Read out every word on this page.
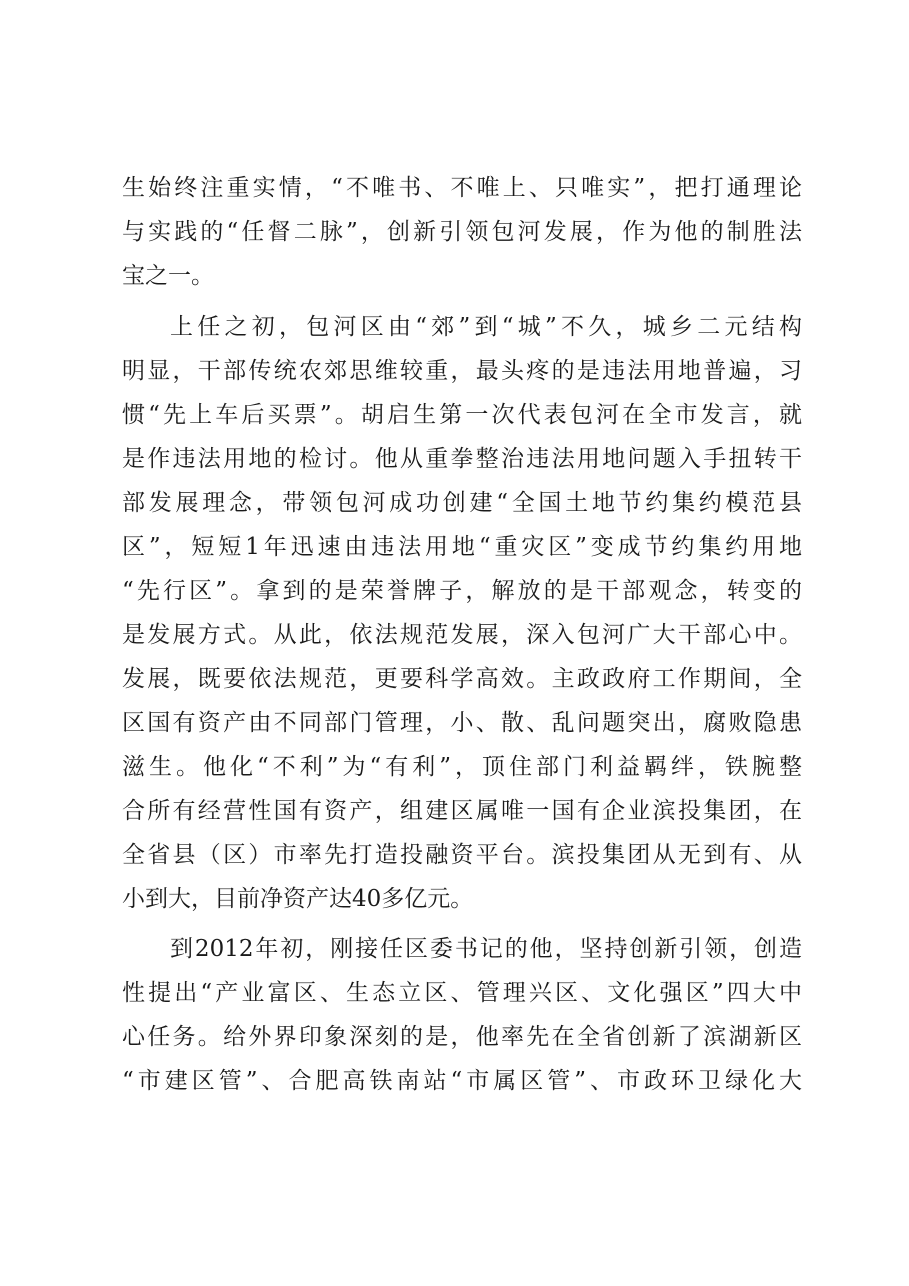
生始终注重实情，“不唯书、不唯上、只唯实”，把打通理论
与实践的“任督二脉”，创新引领包河发展，作为他的制胜法
宝之一。
上任之初，包河区由“郊”到“城”不久，城乡二元结构
明显，干部传统农郊思维较重，最头疼的是违法用地普遍，习
惯“先上车后买票”。胡启生第一次代表包河在全市发言，就
是作违法用地的检讨。他从重拳整治违法用地问题入手扭转干
部发展理念，带领包河成功创建“全国土地节约集约模范县
区”，短短1年迅速由违法用地“重灾区”变成节约集约用地
“先行区”。拿到的是荣誉牌子，解放的是干部观念，转变的
是发展方式。从此，依法规范发展，深入包河广大干部心中。
发展，既要依法规范，更要科学高效。主政政府工作期间，全
区国有资产由不同部门管理，小、散、乱问题突出，腐败隐患
滋生。他化“不利”为“有利”，顶住部门利益羁绊，铁腕整
合所有经营性国有资产，组建区属唯一国有企业滨投集团，在
全省县（区）市率先打造投融资平台。滨投集团从无到有、从
小到大，目前净资产达40多亿元。
到2012年初，刚接任区委书记的他，坚持创新引领，创造
性提出“产业富区、生态立区、管理兴区、文化强区”四大中
心任务。给外界印象深刻的是，他率先在全省创新了滨湖新区
“市建区管”、合肥高铁南站“市属区管”、市政环卫绿化大
